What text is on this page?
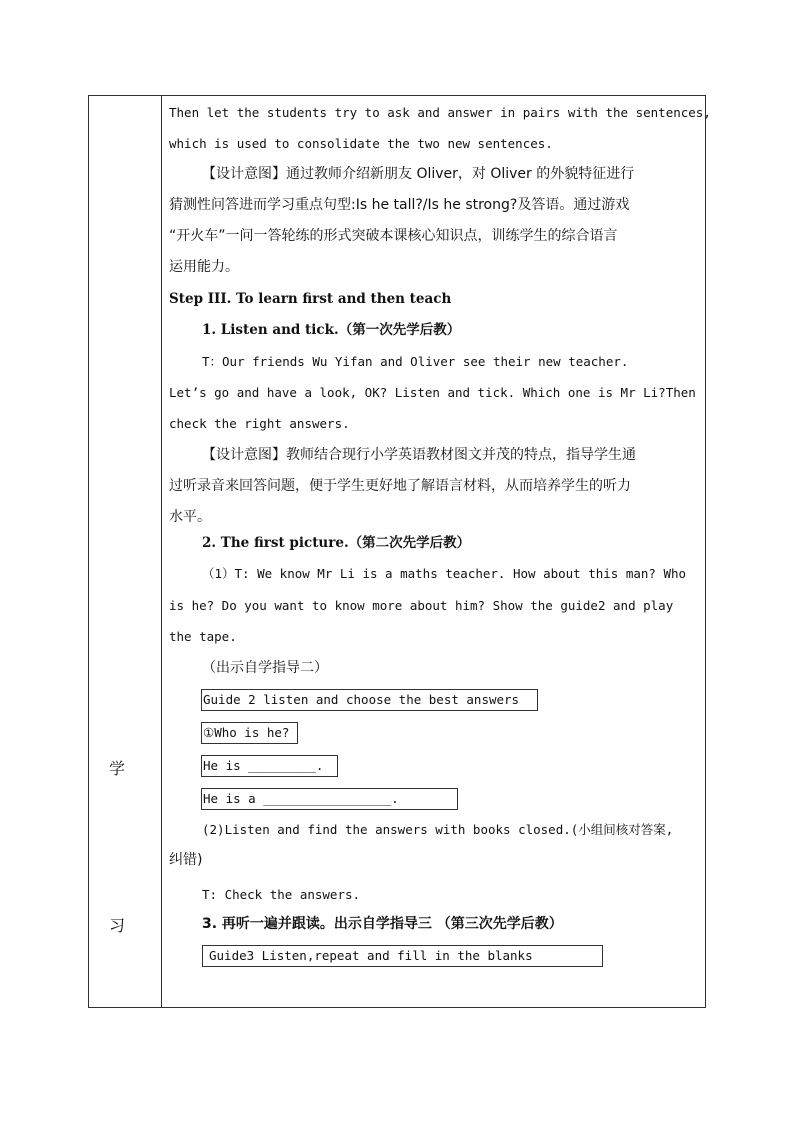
学
习
Then let the students try to ask and answer in pairs with the sentences,
which is used to consolidate the two new sentences.
【设计意图】通过教师介绍新朋友 Oliver，对 Oliver 的外貌特征进行
猜测性问答进而学习重点句型:Is he tall?/Is he strong?及答语。通过游戏
“开火车”一问一答轮练的形式突破本课核心知识点，训练学生的综合语言
运用能力。
Step III. To learn first and then teach
1. Listen and tick.（第一次先学后教）
T：Our friends Wu Yifan and Oliver see their new teacher.
Let’s go and have a look, OK? Listen and tick. Which one is Mr Li?Then
check the right answers.
【设计意图】教师结合现行小学英语教材图文并茂的特点，指导学生通
过听录音来回答问题，便于学生更好地了解语言材料，从而培养学生的听力
水平。
2. The first picture.（第二次先学后教）
（1）T: We know Mr Li is a maths teacher. How about this man? Who
is he? Do you want to know more about him? Show the guide2 and play
the tape.
（出示自学指导二）
Guide 2 listen and choose the best answers
①Who is he?
He is _________.
He is a _________________.
(2)Listen and find the answers with books closed.(小组间核对答案,
纠错)
T: Check the answers.
3. 再听一遍并跟读。出示自学指导三 （第三次先学后教）
Guide3 Listen,repeat and fill in the blanks
